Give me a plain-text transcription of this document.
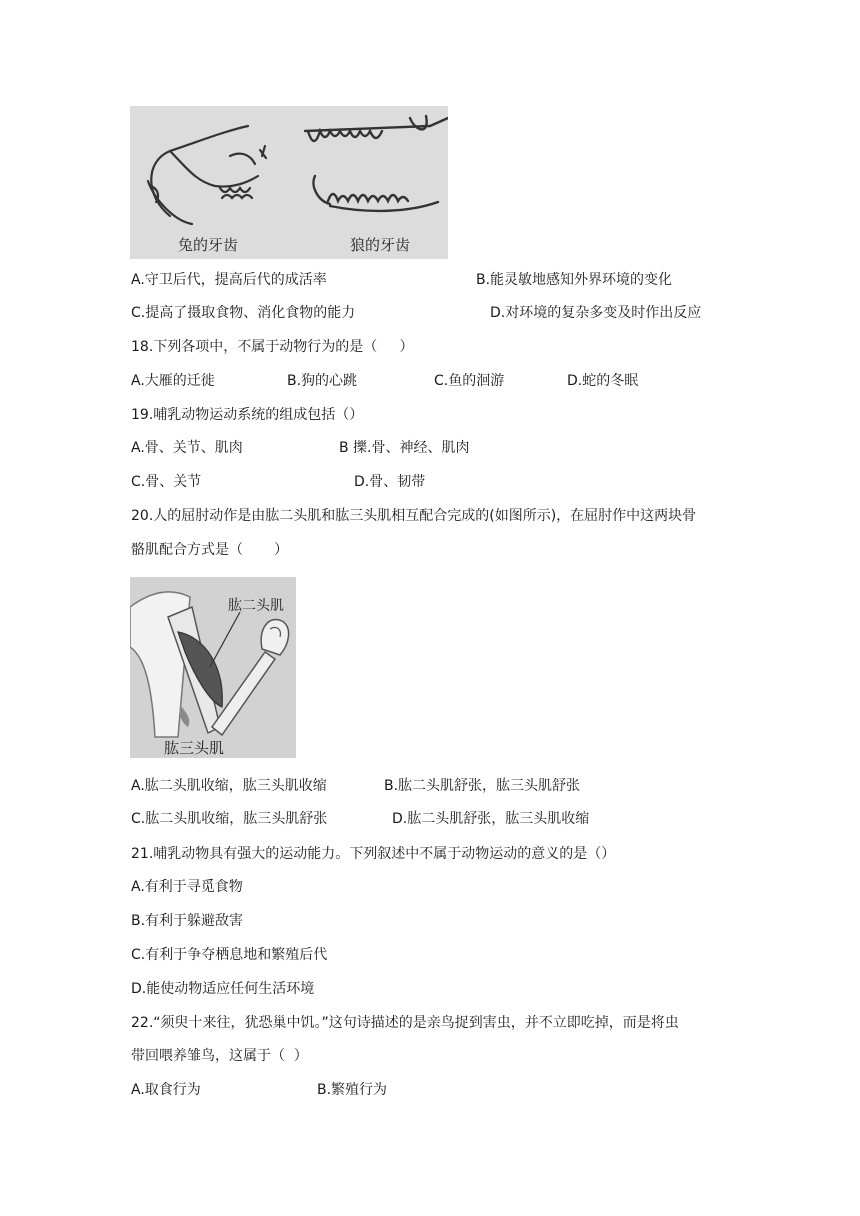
兔的牙齿	狼的牙齿
A.守卫后代，提高后代的成活率	B.能灵敏地感知外界环境的变化
C.提高了摄取食物、消化食物的能力	D.对环境的复杂多变及时作出反应
18.下列各项中，不属于动物行为的是（     ）
A.大雁的迁徙	B.狗的心跳	C.鱼的洄游	D.蛇的冬眠
19.哺乳动物运动系统的组成包括（）
A.骨、关节、肌肉	B 擽.骨、神经、肌肉
C.骨、关节	D.骨、韧带
20.人的屈肘动作是由肱二头肌和肱三头肌相互配合完成的(如图所示)，在屈肘作中这两块骨
骼肌配合方式是（       ）
肱二头肌
肱三头肌
A.肱二头肌收缩，肱三头肌收缩	B.肱二头肌舒张，肱三头肌舒张
C.肱二头肌收缩，肱三头肌舒张	D.肱二头肌舒张，肱三头肌收缩
21.哺乳动物具有强大的运动能力。下列叙述中不属于动物运动的意义的是（）
A.有利于寻觅食物
B.有利于躲避敌害
C.有利于争夺栖息地和繁殖后代
D.能使动物适应任何生活环境
22.“须臾十来往，犹恐巢中饥。”这句诗描述的是亲鸟捉到害虫，并不立即吃掉，而是将虫
带回喂养雏鸟，这属于（  ）
A.取食行为	B.繁殖行为
